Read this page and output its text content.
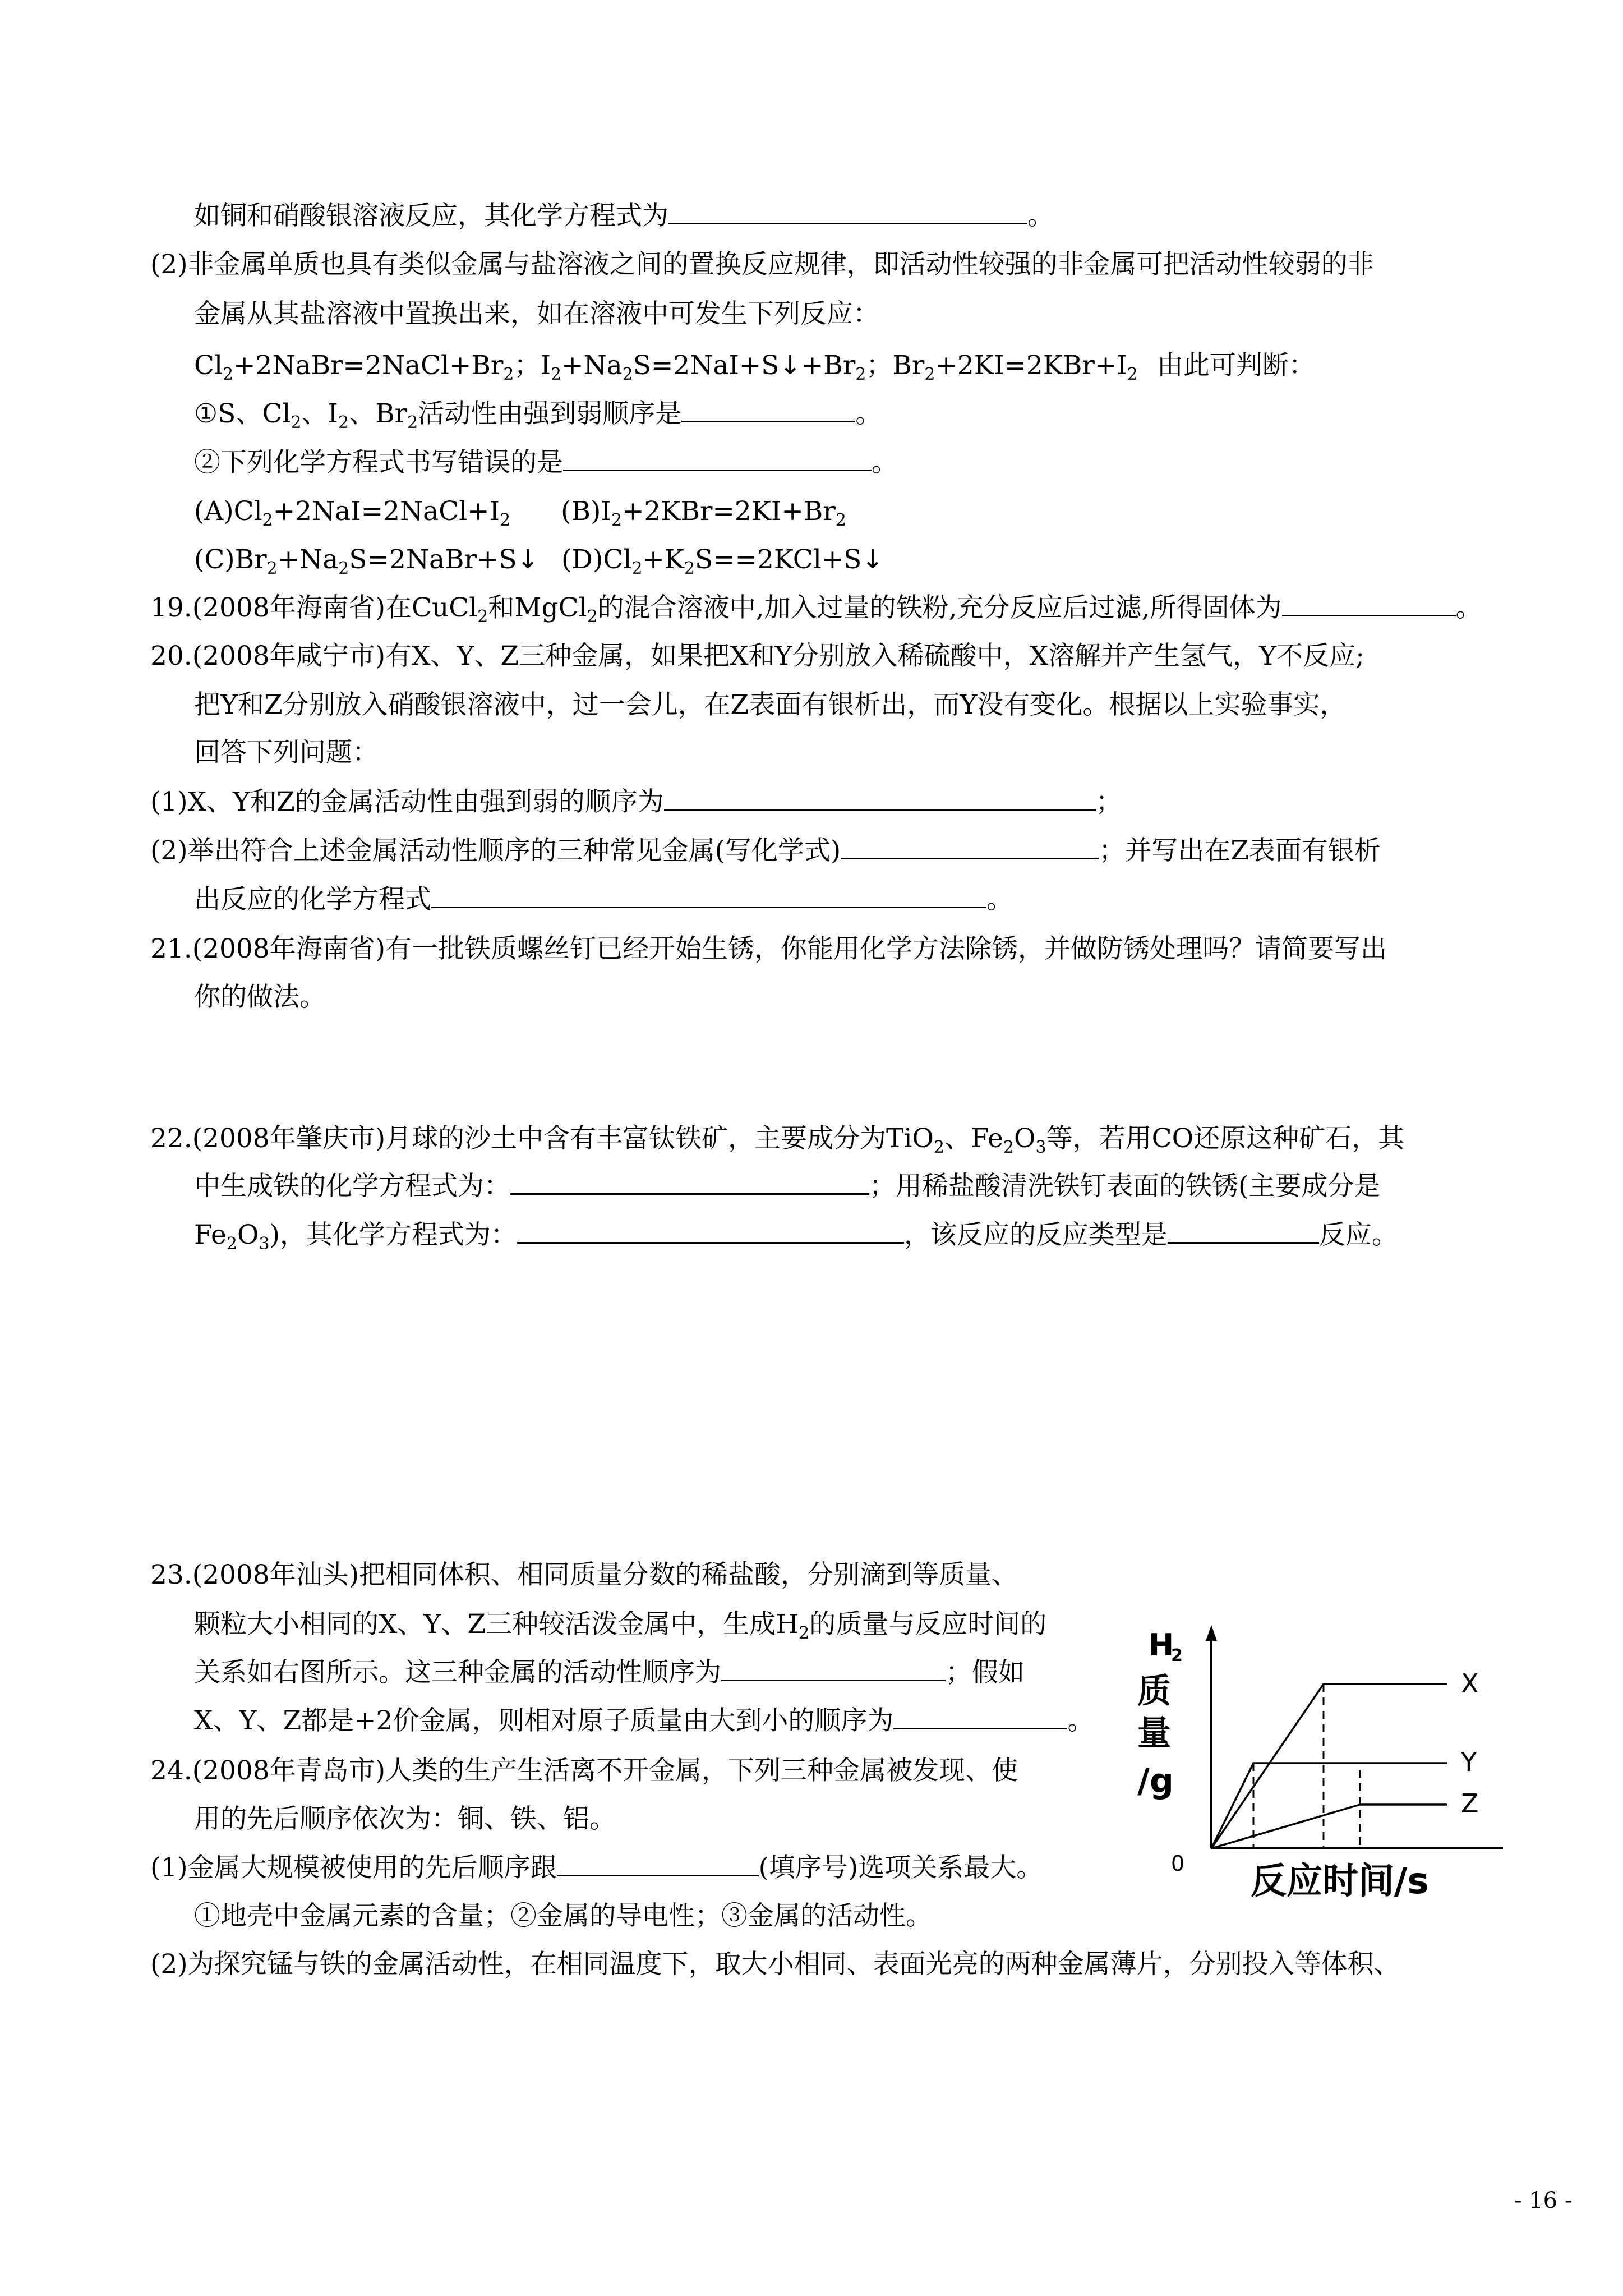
如铜和硝酸银溶液反应，其化学方程式为	。
(2)非金属单质也具有类似金属与盐溶液之间的置换反应规律，即活动性较强的非金属可把活动性较弱的非
金属从其盐溶液中置换出来，如在溶液中可发生下列反应：
$Cl_2+2NaBr=2NaCl+Br_2$；$I_2+Na_2S=2NaI+S↓+Br_2$；$Br_2+2KI=2KBr+I_2$ 由此可判断：
①S、$Cl_2$、$I_2$、$Br_2$活动性由强到弱顺序是	。
②下列化学方程式书写错误的是	。
$(A)Cl_2+2NaI=2NaCl+I_2$ $(B)I_2+2KBr=2KI+Br_2$
$(C)Br_2+Na_2S=2NaBr+S↓$ $(D)Cl_2+K_2S==2KCl+S↓$
19.(2008年海南省)在CuCl$_2$和MgCl$_2$的混合溶液中,加入过量的铁粉,充分反应后过滤,所得固体为	。
20.(2008年咸宁市)有X、Y、Z三种金属，如果把X和Y分别放入稀硫酸中，X溶解并产生氢气，Y不反应;
把Y和Z分别放入硝酸银溶液中，过一会儿，在Z表面有银析出，而Y没有变化。根据以上实验事实，
回答下列问题：
(1)X、Y和Z的金属活动性由强到弱的顺序为	；
(2)举出符合上述金属活动性顺序的三种常见金属(写化学式)	；并写出在Z表面有银析
出反应的化学方程式	。
21.(2008年海南省)有一批铁质螺丝钉已经开始生锈，你能用化学方法除锈，并做防锈处理吗？请简要写出
你的做法。
22.(2008年肇庆市)月球的沙土中含有丰富钛铁矿，主要成分为TiO$_2$、$Fe_2O_3$等，若用CO还原这种矿石，其
中生成铁的化学方程式为：	；用稀盐酸清洗铁钉表面的铁锈(主要成分是
$Fe_2O_3$)，其化学方程式为：	，该反应的反应类型是	反应。
23.(2008年汕头)把相同体积、相同质量分数的稀盐酸，分别滴到等质量、
颗粒大小相同的X、Y、Z三种较活泼金属中，生成$H_2$的质量与反应时间的
关系如右图所示。这三种金属的活动性顺序为	；假如
X、Y、Z都是+2价金属，则相对原子质量由大到小的顺序为	。
24.(2008年青岛市)人类的生产生活离不开金属，下列三种金属被发现、使
用的先后顺序依次为：铜、铁、铝。
(1)金属大规模被使用的先后顺序跟	(填序号)选项关系最大。
①地壳中金属元素的含量；②金属的导电性；③金属的活动性。
(2)为探究锰与铁的金属活动性，在相同温度下，取大小相同、表面光亮的两种金属薄片，分别投入等体积、
H
2
质
量
/g
反应时间/s
0
X
Y
Z
- 16 -
